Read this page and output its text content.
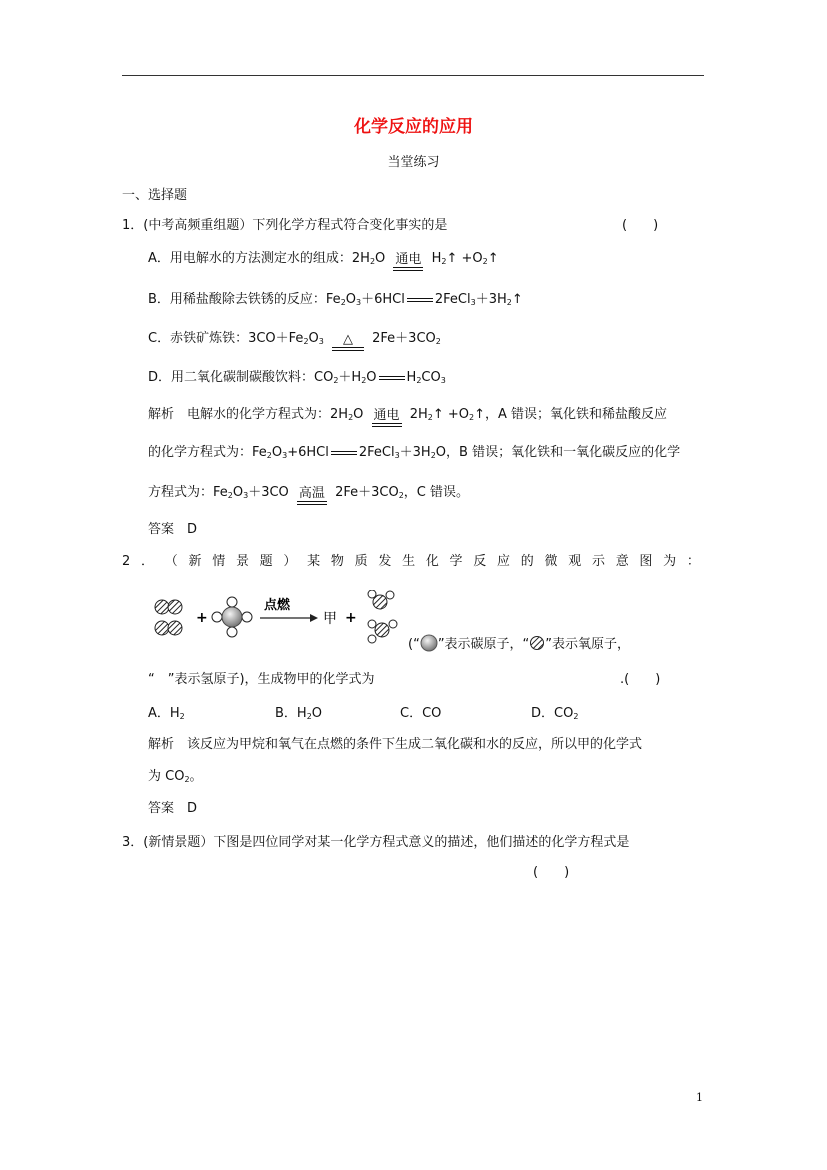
化学反应的应用
当堂练习
一、选择题
1．(中考高频重组题）下列化学方程式符合变化事实的是	(　　)
A．用电解水的方法测定水的组成：$2H_2O$ 通电 $H_2↑$ $+O_2↑$
B．用稀盐酸除去铁锈的反应：$Fe_2O_3+6HCl$ $2FeCl_3+3H_2↑$
C．赤铁矿炼铁：$3CO+Fe_2O_3$	△	$2Fe+3CO_2$
D．用二氧化碳制碳酸饮料：$CO_2+H_2O$ $H_2CO_3$
解析　 电解水的化学方程式为：$2H_2O$ 通电 $2H_2↑$ $+O_2↑$，A 错误；氧化铁和稀盐酸反应
的化学方程式为：$Fe_2O_3+6HCl$ $2FeCl_3+3H_2O$，B 错误；氧化铁和一氧化碳反应的化学
方程式为：$Fe_2O_3+3CO$ 高温 $2Fe+3CO_2$，C 错误。
答案　D
2 ． （ 新 情 景 题 ） 某 物 质 发 生 化 学 反 应 的 微 观 示 意 图 为 ：
+
点燃
甲 +
(“ ”表示碳原子，“ ”表示氧原子，
“　”表示氢原子)，生成物甲的化学式为	.(　　)
A．$H_2$	B．$H_2O$	C．CO	D．$CO_2$
解析　 该反应为甲烷和氧气在点燃的条件下生成二氧化碳和水的反应，所以甲的化学式
为 $CO_2$。
答案　D
3．(新情景题）下图是四位同学对某一化学方程式意义的描述，他们描述的化学方程式是
(　　)
1
